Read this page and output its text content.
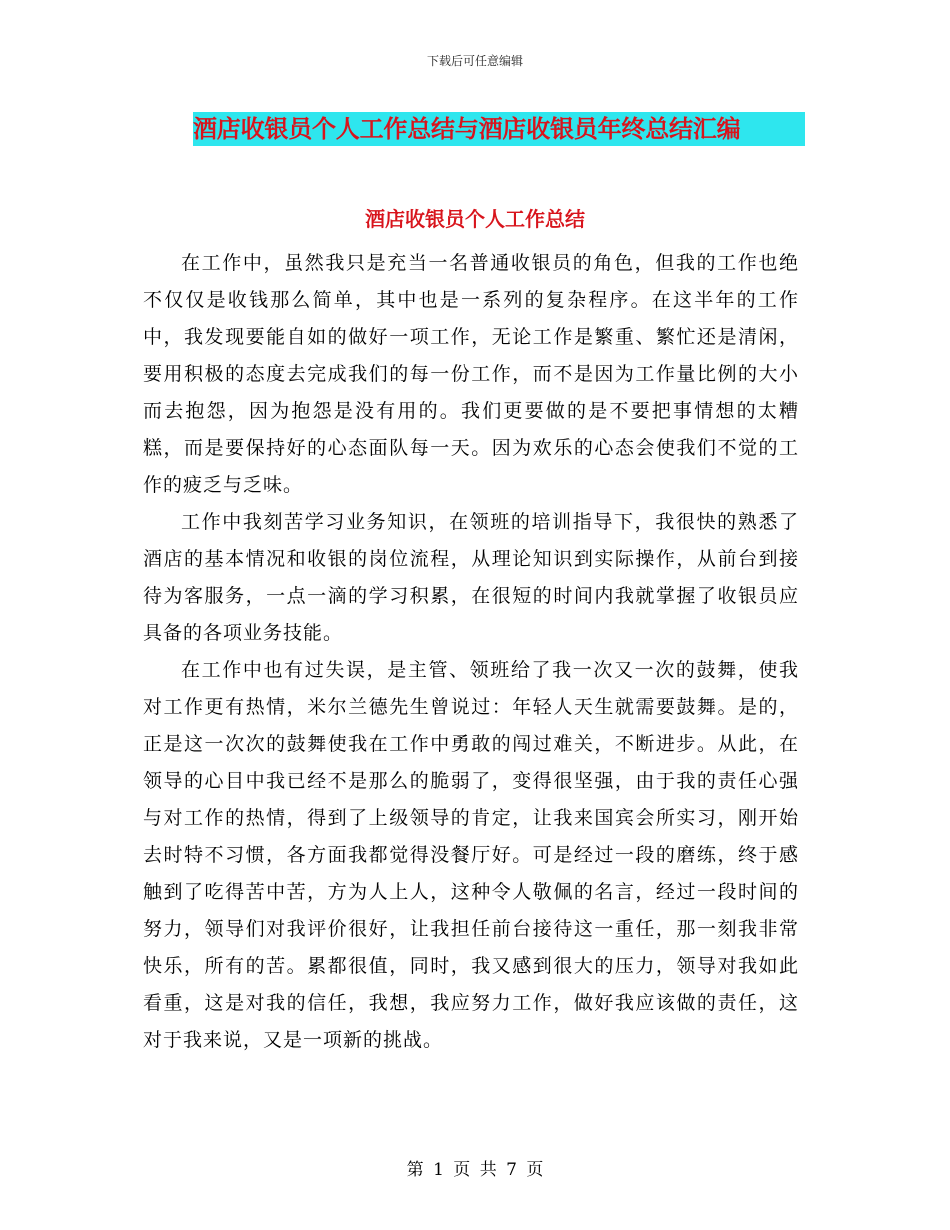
下载后可任意编辑
酒店收银员个人工作总结与酒店收银员年终总结汇编
酒店收银员个人工作总结

在工作中，虽然我只是充当一名普通收银员的角色，但我的工作也绝不仅仅是收钱那么简单，其中也是一系列的复杂程序。在这半年的工作中，我发现要能自如的做好一项工作，无论工作是繁重、繁忙还是清闲，要用积极的态度去完成我们的每一份工作，而不是因为工作量比例的大小而去抱怨，因为抱怨是没有用的。我们更要做的是不要把事情想的太糟糕，而是要保持好的心态面队每一天。因为欢乐的心态会使我们不觉的工作的疲乏与乏味。

工作中我刻苦学习业务知识，在领班的培训指导下，我很快的熟悉了酒店的基本情况和收银的岗位流程，从理论知识到实际操作，从前台到接待为客服务，一点一滴的学习积累，在很短的时间内我就掌握了收银员应具备的各项业务技能。

在工作中也有过失误，是主管、领班给了我一次又一次的鼓舞，使我对工作更有热情，米尔兰德先生曾说过：年轻人天生就需要鼓舞。是的，正是这一次次的鼓舞使我在工作中勇敢的闯过难关，不断进步。从此，在领导的心目中我已经不是那么的脆弱了，变得很坚强，由于我的责任心强与对工作的热情，得到了上级领导的肯定，让我来国宾会所实习，刚开始去时特不习惯，各方面我都觉得没餐厅好。可是经过一段的磨练，终于感触到了吃得苦中苦，方为人上人，这种令人敬佩的名言，经过一段时间的努力，领导们对我评价很好，让我担任前台接待这一重任，那一刻我非常快乐，所有的苦。累都很值，同时，我又感到很大的压力，领导对我如此看重，这是对我的信任，我想，我应努力工作，做好我应该做的责任，这对于我来说，又是一项新的挑战。

第 1 页 共 7 页
